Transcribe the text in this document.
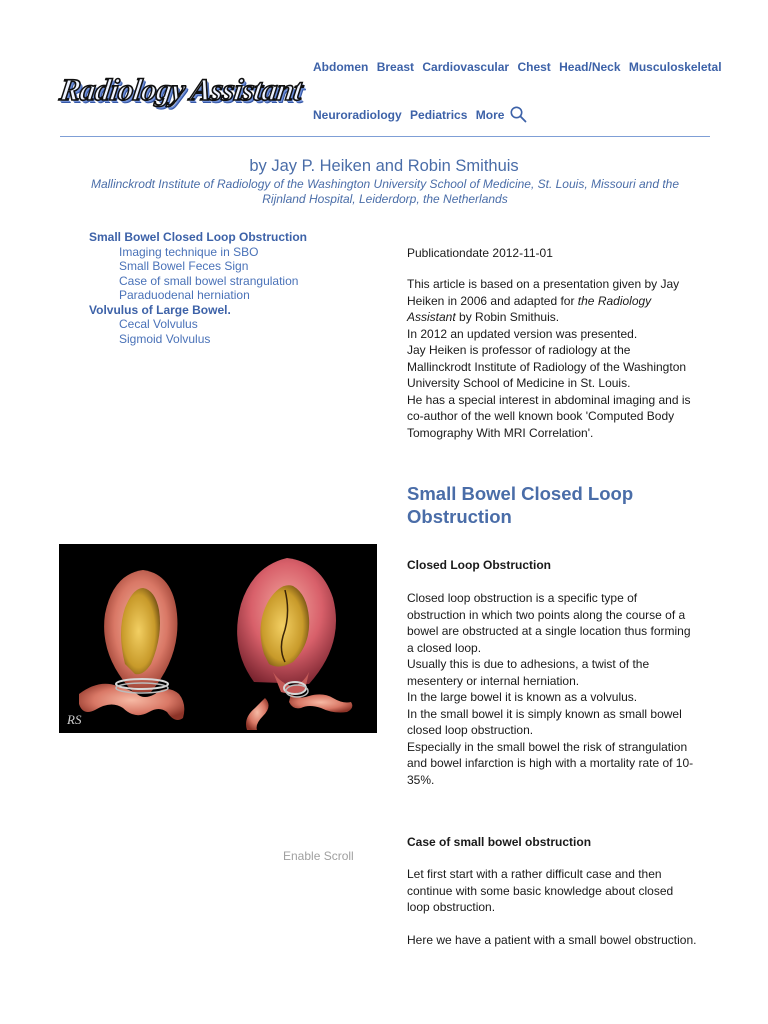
Radiology Assistant
Abdomen Breast Cardiovascular Chest Head/Neck Musculoskeletal
Neuroradiology Pediatrics More
by Jay P. Heiken and Robin Smithuis
Mallinckrodt Institute of Radiology of the Washington University School of Medicine, St. Louis, Missouri and the Rijnland Hospital, Leiderdorp, the Netherlands
Small Bowel Closed Loop Obstruction
Imaging technique in SBO
Small Bowel Feces Sign
Case of small bowel strangulation
Paraduodenal herniation
Volvulus of Large Bowel.
Cecal Volvulus
Sigmoid Volvulus
Publicationdate 2012-11-01

This article is based on a presentation given by Jay Heiken in 2006 and adapted for the Radiology Assistant by Robin Smithuis.

In 2012 an updated version was presented.

Jay Heiken is professor of radiology at the Mallinckrodt Institute of Radiology of the Washington University School of Medicine in St. Louis.

He has a special interest in abdominal imaging and is co-author of the well known book 'Computed Body Tomography With MRI Correlation'.

Small Bowel Closed Loop Obstruction
RS
Closed Loop Obstruction

Closed loop obstruction is a specific type of obstruction in which two points along the course of a bowel are obstructed at a single location thus forming a closed loop.

Usually this is due to adhesions, a twist of the mesentery or internal herniation.

In the large bowel it is known as a volvulus.

In the small bowel it is simply known as small bowel closed loop obstruction.

Especially in the small bowel the risk of strangulation and bowel infarction is high with a mortality rate of 10-35%.

Enable Scroll
Case of small bowel obstruction

Let first start with a rather difficult case and then continue with some basic knowledge about closed loop obstruction.

Here we have a patient with a small bowel obstruction.
